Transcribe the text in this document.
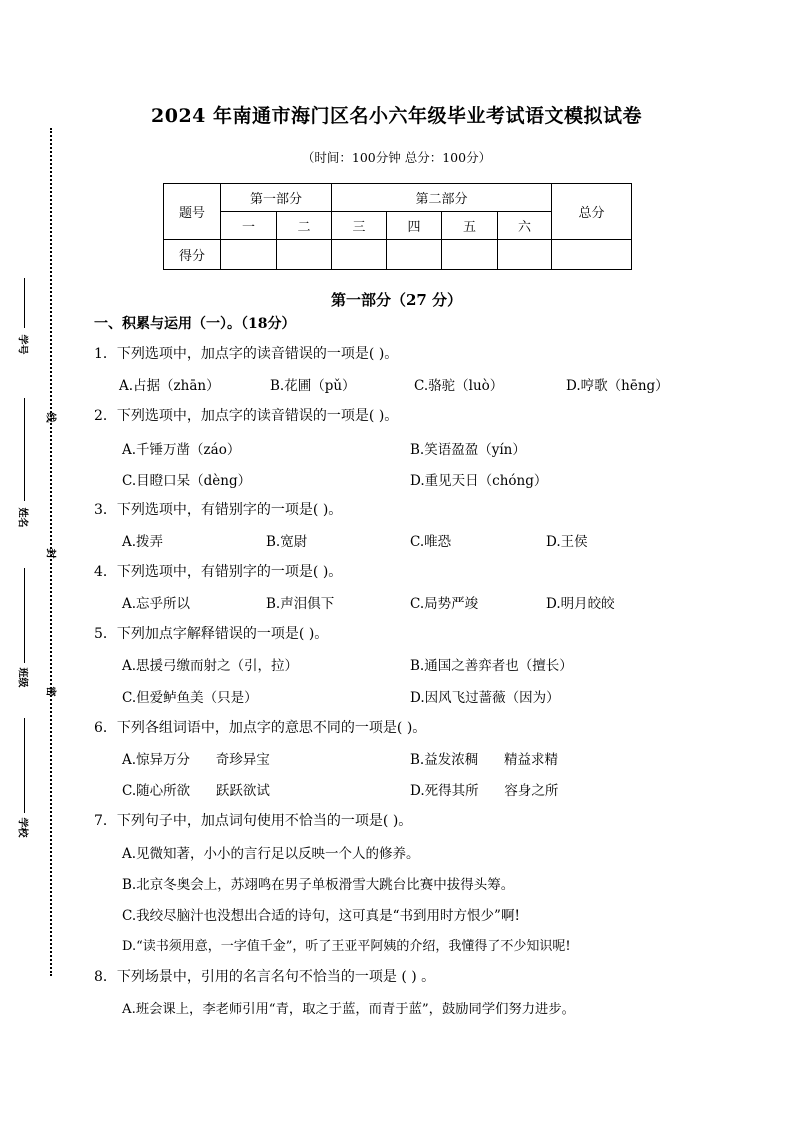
学号
线
姓名
封
班级
密
学校
2024 年南通市海门区名小六年级毕业考试语文模拟试卷
（时间：100分钟 总分：100分）
题号	第一部分		第二部分				总分
	一	二	三	四	五	六	
得分							
第一部分（27 分）
一、积累与运用（一）。（18分）
1．下列选项中，加点字的读音错误的一项是( )。
A.占据（zhān）	B.花圃（pǔ）	C.骆驼（luò）	D.哼歌（hēng）
2．下列选项中，加点字的读音错误的一项是( )。
A.千锤万凿（záo）	B.笑语盈盈（yín）
C.目瞪口呆（dèng）	D.重见天日（chóng）
3．下列选项中，有错别字的一项是( )。
A.拨弄	B.宽尉	C.唯恐	D.王侯
4．下列选项中，有错别字的一项是( )。
A.忘乎所以	B.声泪俱下	C.局势严竣	D.明月皎皎
5．下列加点字解释错误的一项是( )。
A.思援弓缴而射之（引，拉）	B.通国之善弈者也（擅长）
C.但爱鲈鱼美（只是）	D.因风飞过蔷薇（因为）
6．下列各组词语中，加点字的意思不同的一项是( )。
A.惊异万分      奇珍异宝	B.益发浓稠      精益求精
C.随心所欲      跃跃欲试	D.死得其所      容身之所
7．下列句子中，加点词句使用不恰当的一项是( )。
A.见微知著，小小的言行足以反映一个人的修养。
B.北京冬奥会上，苏翊鸣在男子单板滑雪大跳台比赛中拔得头筹。
C.我绞尽脑汁也没想出合适的诗句，这可真是“书到用时方恨少”啊!
D.“读书须用意，一字值千金”，听了王亚平阿姨的介绍，我懂得了不少知识呢!
8．下列场景中，引用的名言名句不恰当的一项是 ( ) 。
A.班会课上，李老师引用“青，取之于蓝，而青于蓝”，鼓励同学们努力进步。
